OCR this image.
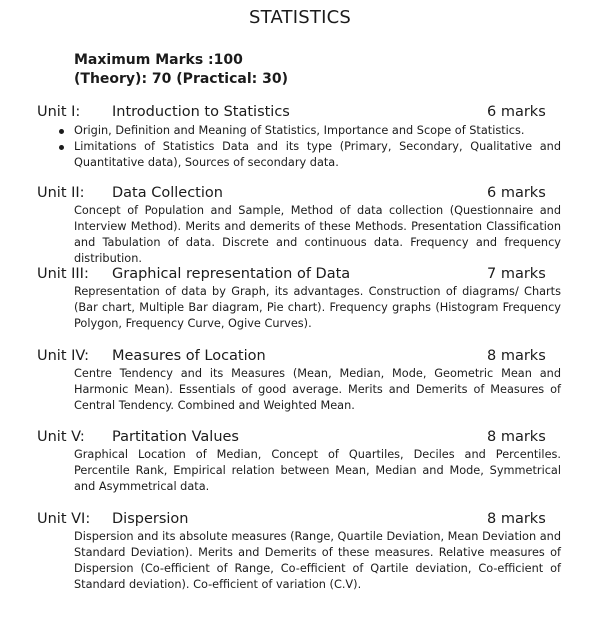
STATISTICS
Maximum Marks :100
(Theory): 70 (Practical: 30)
Unit I: Introduction to Statistics	6 marks
Origin, Definition and Meaning of Statistics, Importance and Scope of Statistics.
Limitations of Statistics Data and its type (Primary, Secondary, Qualitative and Quantitative data), Sources of secondary data.
Unit II: Data Collection	6 marks

Concept of Population and Sample, Method of data collection (Questionnaire and Interview Method). Merits and demerits of these Methods. Presentation Classification and Tabulation of data. Discrete and continuous data. Frequency and frequency distribution.

Unit III: Graphical representation of Data	7 marks

Representation of data by Graph, its advantages. Construction of diagrams/ Charts (Bar chart, Multiple Bar diagram, Pie chart). Frequency graphs (Histogram Frequency Polygon, Frequency Curve, Ogive Curves).

Unit IV: Measures of Location	8 marks

Centre Tendency and its Measures (Mean, Median, Mode, Geometric Mean and Harmonic Mean). Essentials of good average. Merits and Demerits of Measures of Central Tendency. Combined and Weighted Mean.

Unit V: Partitation Values	8 marks

Graphical Location of Median, Concept of Quartiles, Deciles and Percentiles. Percentile Rank, Empirical relation between Mean, Median and Mode, Symmetrical and Asymmetrical data.

Unit VI: Dispersion	8 marks

Dispersion and its absolute measures (Range, Quartile Deviation, Mean Deviation and Standard Deviation). Merits and Demerits of these measures. Relative measures of Dispersion (Co-efficient of Range, Co-efficient of Qartile deviation, Co-efficient of Standard deviation). Co-efficient of variation (C.V).
